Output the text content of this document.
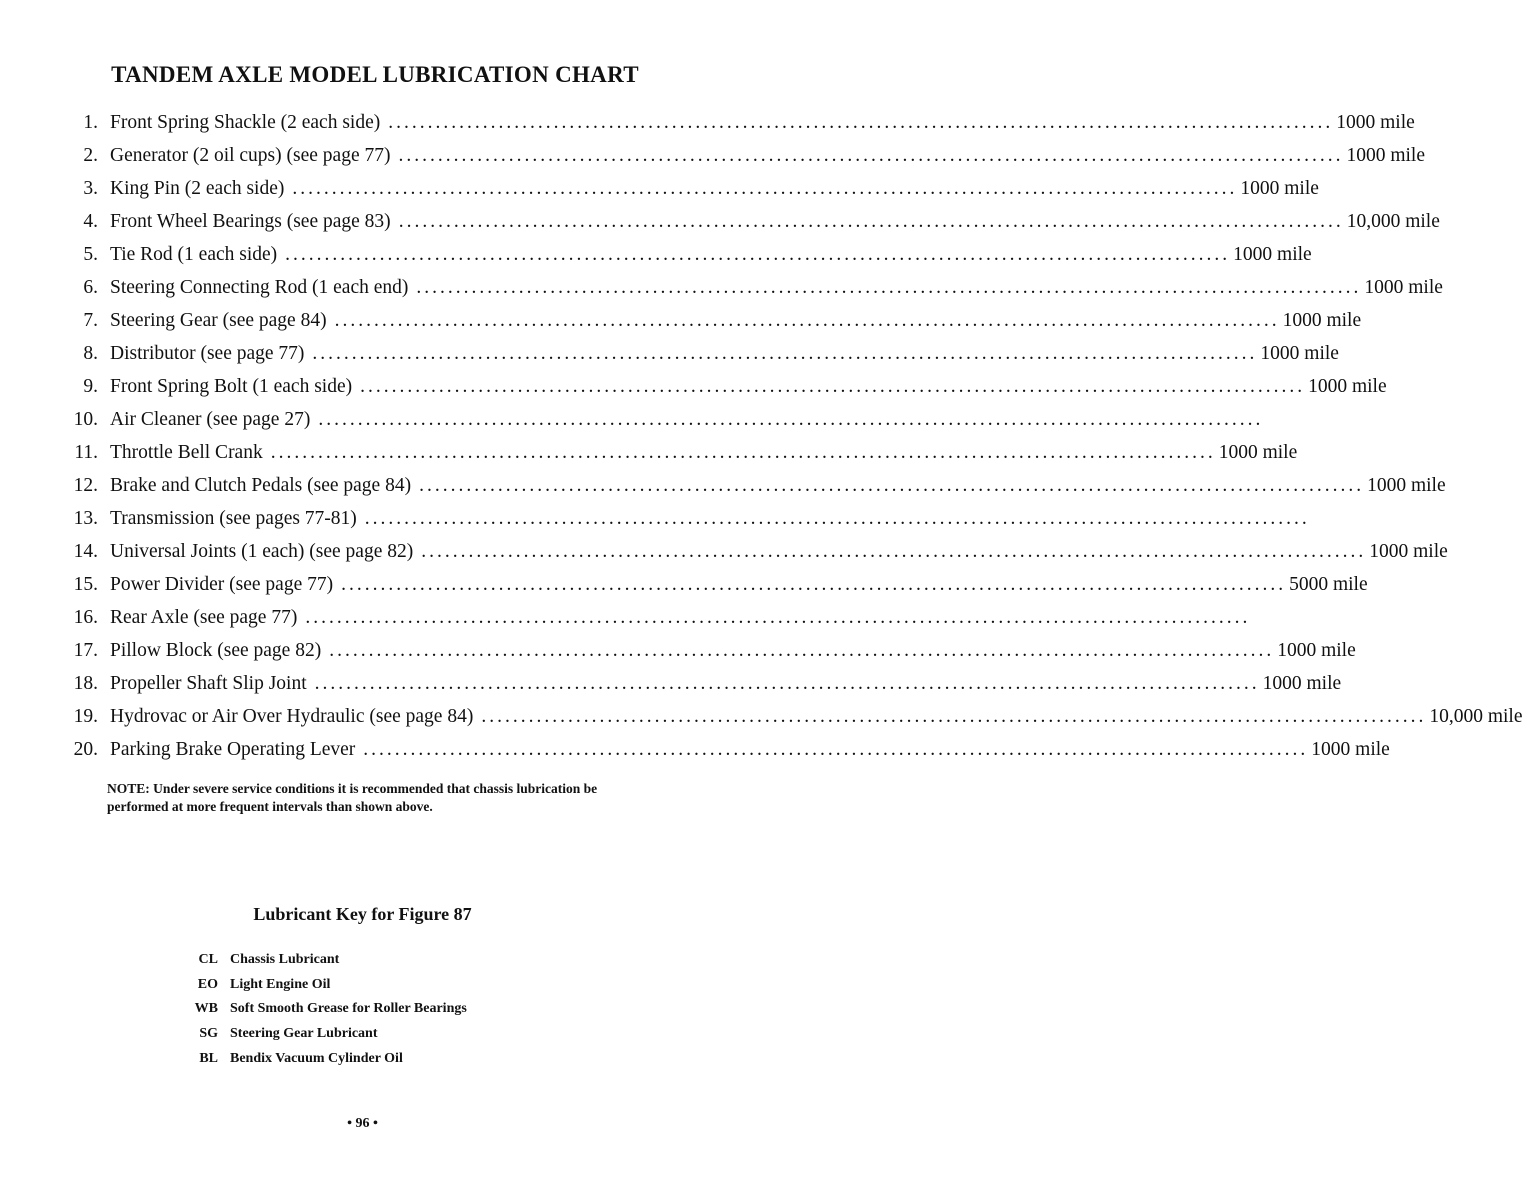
TANDEM AXLE MODEL LUBRICATION CHART
1. Front Spring Shackle (2 each side) ........................................................................................................................ 1000 mile
2. Generator (2 oil cups) (see page 77) ........................................................................................................................ 1000 mile
3. King Pin (2 each side) ........................................................................................................................ 1000 mile
4. Front Wheel Bearings (see page 83) ........................................................................................................................ 10,000 mile
5. Tie Rod (1 each side) ........................................................................................................................ 1000 mile
6. Steering Connecting Rod (1 each end) ........................................................................................................................ 1000 mile
7. Steering Gear (see page 84) ........................................................................................................................ 1000 mile
8. Distributor (see page 77) ........................................................................................................................ 1000 mile
9. Front Spring Bolt (1 each side) ........................................................................................................................ 1000 mile
10. Air Cleaner (see page 27) ........................................................................................................................
11. Throttle Bell Crank ........................................................................................................................ 1000 mile
12. Brake and Clutch Pedals (see page 84) ........................................................................................................................ 1000 mile
13. Transmission (see pages 77-81) ........................................................................................................................
14. Universal Joints (1 each) (see page 82) ........................................................................................................................ 1000 mile
15. Power Divider (see page 77) ........................................................................................................................ 5000 mile
16. Rear Axle (see page 77) ........................................................................................................................
17. Pillow Block (see page 82) ........................................................................................................................ 1000 mile
18. Propeller Shaft Slip Joint ........................................................................................................................ 1000 mile
19. Hydrovac or Air Over Hydraulic (see page 84) ........................................................................................................................ 10,000 mile
20. Parking Brake Operating Lever ........................................................................................................................ 1000 mile
NOTE: Under severe service conditions it is recommended that chassis lubrication be performed at more frequent intervals than shown above.
Lubricant Key for Figure 87
CL Chassis Lubricant
EO Light Engine Oil
WB Soft Smooth Grease for Roller Bearings
SG Steering Gear Lubricant
BL Bendix Vacuum Cylinder Oil
• 96 •
